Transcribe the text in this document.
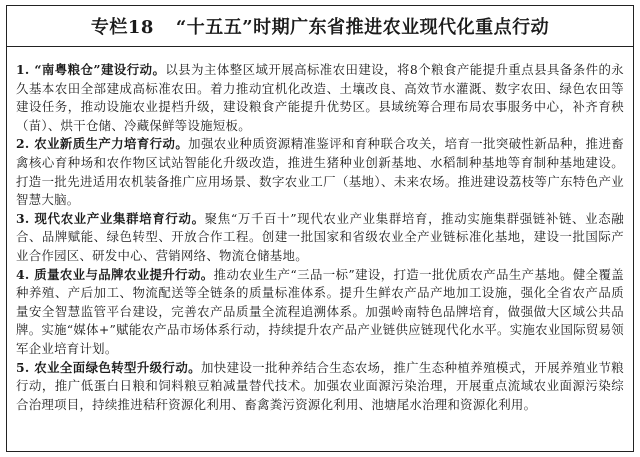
专栏18 “十五五”时期广东省推进农业现代化重点行动

1. “南粤粮仓”建设行动。以县为主体整区域开展高标准农田建设，将8个粮食产能提升重点县具备条件的永久基本农田全部建成高标准农田。着力推动宜机化改造、土壤改良、高效节水灌溉、数字农田、绿色农田等建设任务，推动设施农业提档升级，建设粮食产能提升优势区。县域统筹合理布局农事服务中心，补齐育秧（苗）、烘干仓储、冷藏保鲜等设施短板。

2. 农业新质生产力培育行动。加强农业种质资源精准鉴评和育种联合攻关，培育一批突破性新品种，推进畜禽核心育种场和农作物区试站智能化升级改造，推进生猪种业创新基地、水稻制种基地等育制种基地建设。打造一批先进适用农机装备推广应用场景、数字农业工厂（基地）、未来农场。推进建设荔枝等广东特色产业智慧大脑。

3. 现代农业产业集群培育行动。聚焦“万千百十”现代农业产业集群培育，推动实施集群强链补链、业态融合、品牌赋能、绿色转型、开放合作工程。创建一批国家和省级农业全产业链标准化基地，建设一批国际产业合作园区、研发中心、营销网络、物流仓储基地。

4. 质量农业与品牌农业提升行动。推动农业生产“三品一标”建设，打造一批优质农产品生产基地。健全覆盖种养殖、产后加工、物流配送等全链条的质量标准体系。提升生鲜农产品产地加工设施，强化全省农产品质量安全智慧监管平台建设，完善农产品质量全流程追溯体系。加强岭南特色品牌培育，做强做大区域公共品牌。实施“媒体+”赋能农产品市场体系行动，持续提升农产品产业链供应链现代化水平。实施农业国际贸易领军企业培育计划。

5. 农业全面绿色转型升级行动。加快建设一批种养结合生态农场，推广生态种植养殖模式，开展养殖业节粮行动，推广低蛋白日粮和饲料粮豆粕减量替代技术。加强农业面源污染治理，开展重点流域农业面源污染综合治理项目，持续推进秸秆资源化利用、畜禽粪污资源化利用、池塘尾水治理和资源化利用。
